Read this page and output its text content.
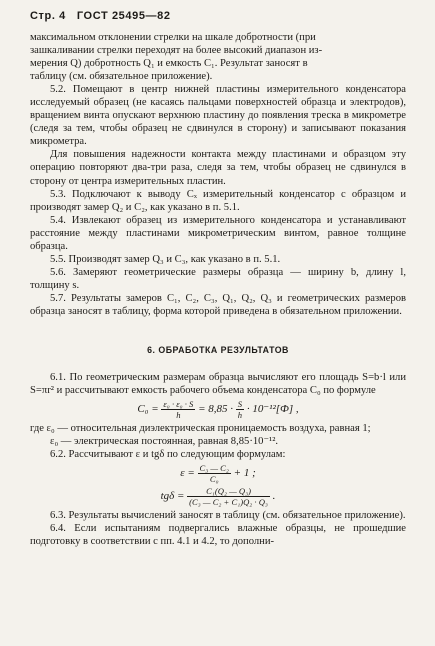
Стр. 4 ГОСТ 25495—82

максимальном отклонении стрелки на шкале добротности (при

зашкаливании стрелки переходят на более высокий диапазон из-

мерения Q) добротность Q₁ и емкость C₁. Результат заносят в

таблицу (см. обязательное приложение).

5.2. Помещают в центр нижней пластины измерительного конденсатора исследуемый образец (не касаясь пальцами поверхностей образца и электродов), вращением винта опускают верхнюю пластину до появления треска в микрометре (следя за тем, чтобы образец не сдвинулся в сторону) и записывают показания микрометра.

Для повышения надежности контакта между пластинами и образцом эту операцию повторяют два-три раза, следя за тем, чтобы образец не сдвинулся в сторону от центра измерительных пластин.

5.3. Подключают к выводу Cₓ измерительный конденсатор с образцом и производят замер Q₂ и C₂, как указано в п. 5.1.

5.4. Извлекают образец из измерительного конденсатора и устанавливают расстояние между пластинами микрометрическим винтом, равное толщине образца.

5.5. Производят замер Q₃ и C₃, как указано в п. 5.1.

5.6. Замеряют геометрические размеры образца — ширину b, длину l, толщину s.

5.7. Результаты замеров C₁, C₂, C₃, Q₁, Q₂, Q₃ и геометрических размеров образца заносят в таблицу, форма которой приведена в обязательном приложении.

6. ОБРАБОТКА РЕЗУЛЬТАТОВ

6.1. По геометрическим размерам образца вычисляют его площадь S=b·l или S=πr² и рассчитывают емкость рабочего объема конденсатора C₀ по формуле

$C_0 = \frac{\text{ε₀ · ε₀ · S}}{h} = 8,85 \cdot \frac{S}{h} \cdot 10^{-12}[Ф]$ ,

где ε₀ — относительная диэлектрическая проницаемость воздуха, равная 1;

ε₀ — электрическая постоянная, равная 8,85·10⁻¹².

6.2. Рассчитывают ε и tgδ по следующим формулам:

$\varepsilon = \frac{\text{C₃ — C₂}}{\text{C₀}} + 1$ ;
$tg\delta = \frac{\text{C₁(Q₂ — Q₃)}}{\text{(C₃ — C₂ + C₁)Q₂ · Q₃}}$ .

6.3. Результаты вычислений заносят в таблицу (см. обязательное приложение).

6.4. Если испытаниям подвергались влажные образцы, не прошедшие подготовку в соответствии с пп. 4.1 и 4.2, то дополни-
